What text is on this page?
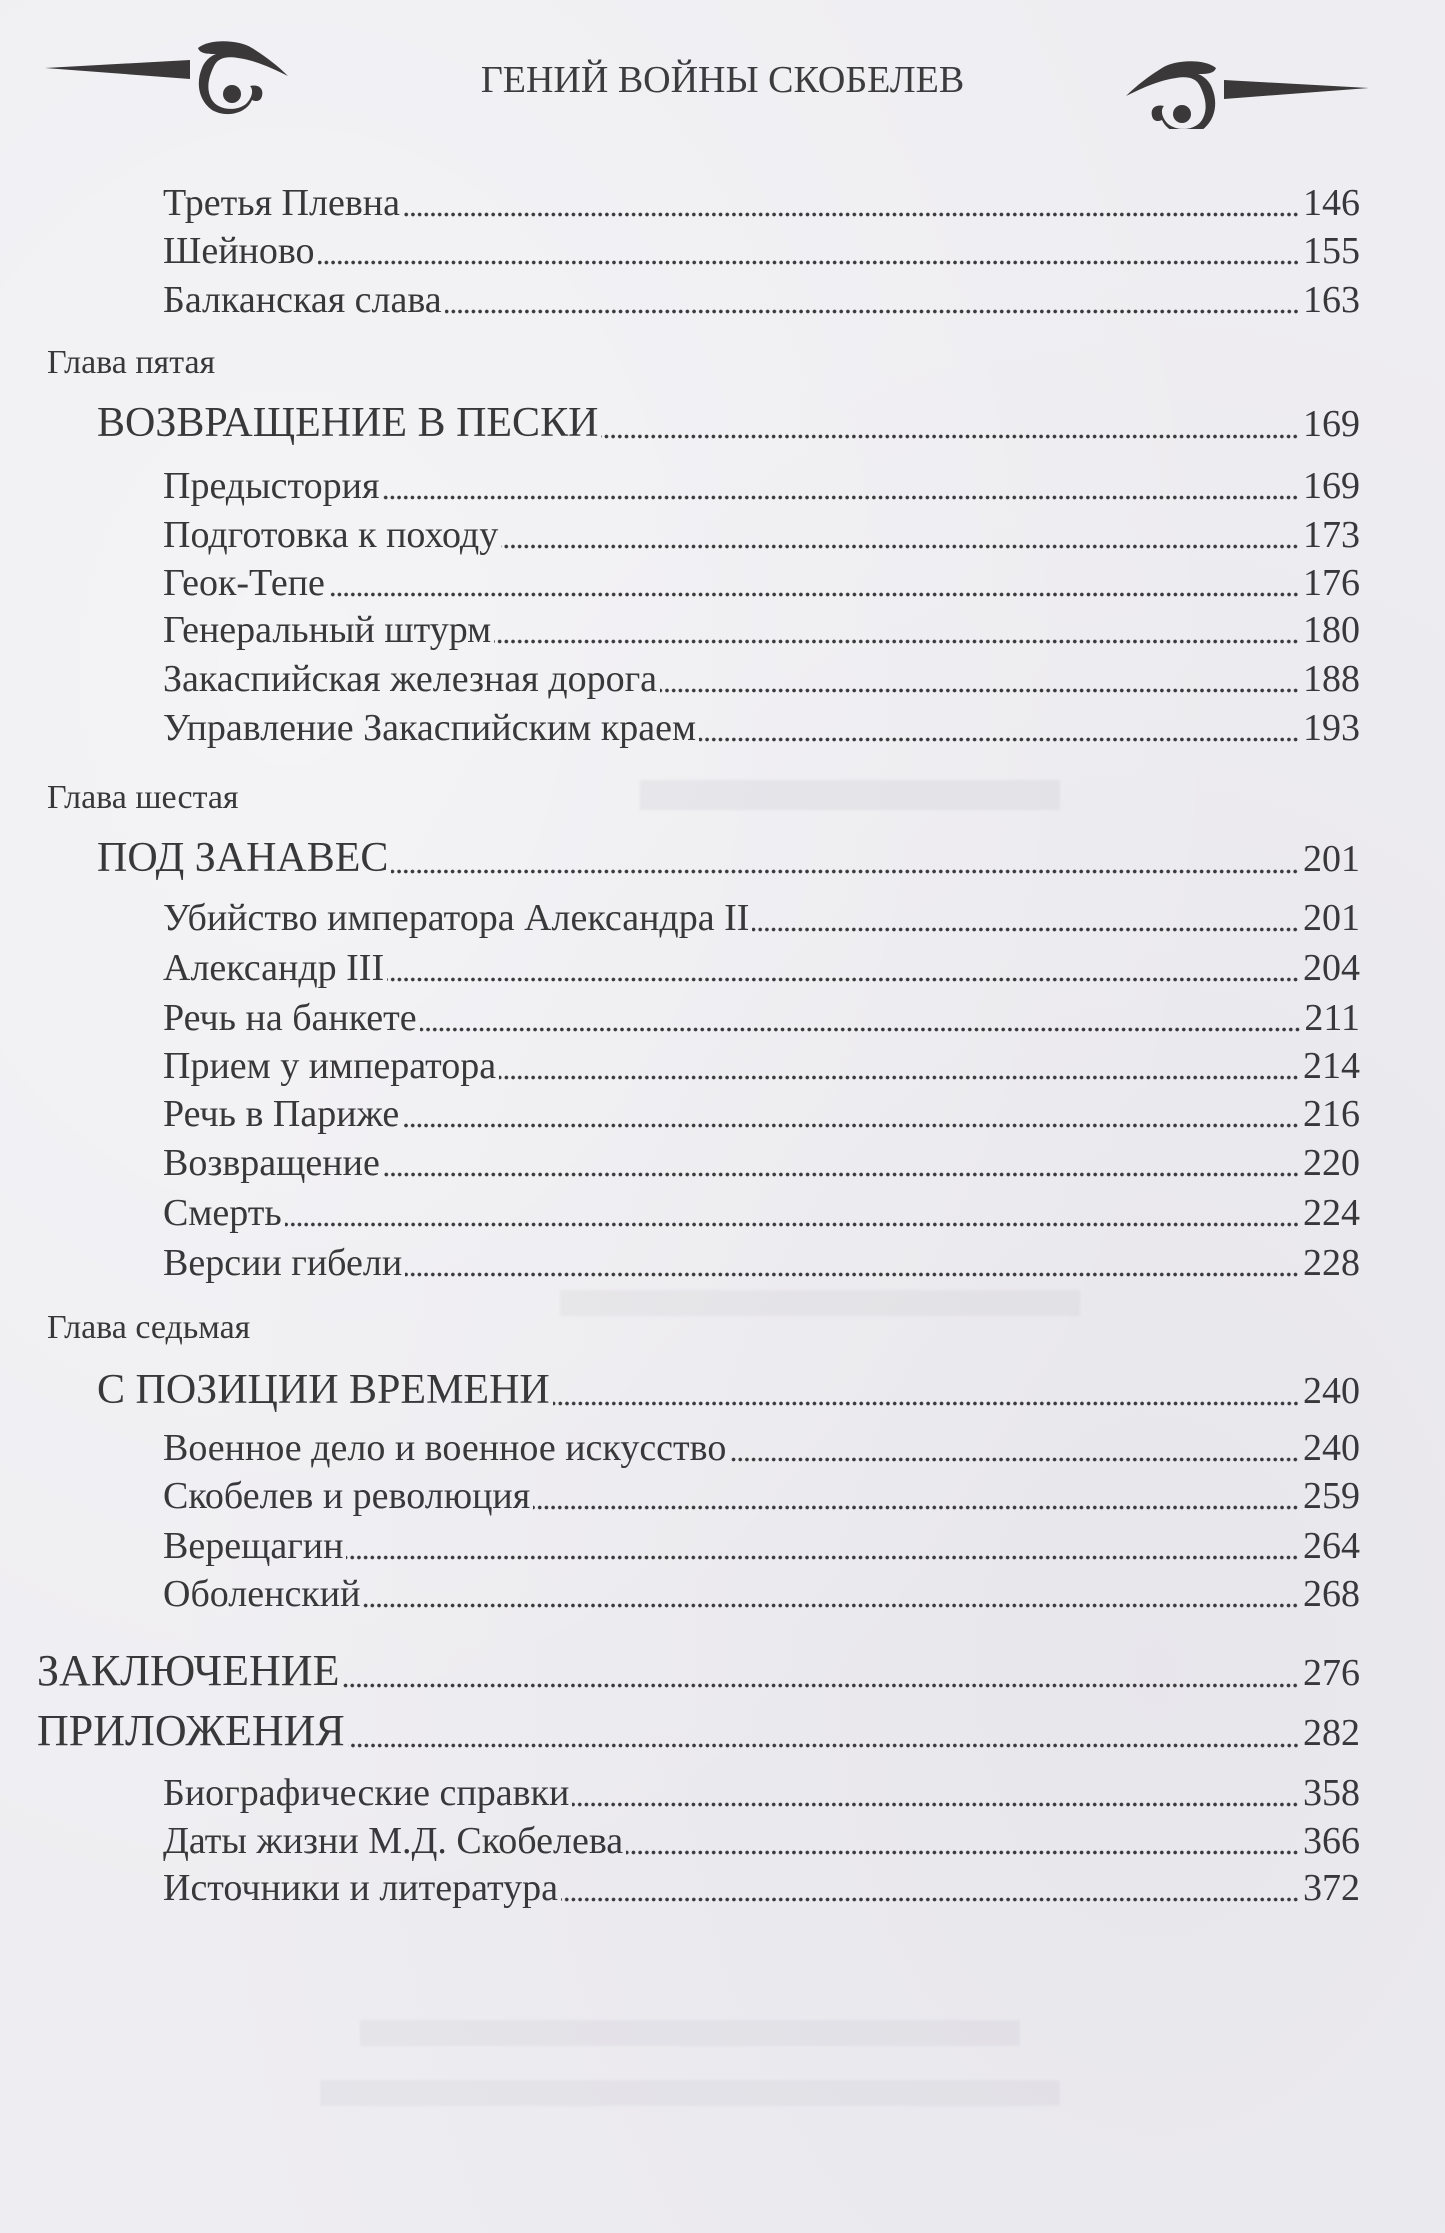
ГЕНИЙ ВОЙНЫ СКОБЕЛЕВ
Третья Плевна	146
Шейново	155
Балканская слава	163
Глава пятая
ВОЗВРАЩЕНИЕ В ПЕСКИ	169
Предыстория	169
Подготовка к походу	173
Геок-Тепе	176
Генеральный штурм	180
Закаспийская железная дорога	188
Управление Закаспийским краем	193
Глава шестая
ПОД ЗАНАВЕС	201
Убийство императора Александра II	201
Александр III	204
Речь на банкете	211
Прием у императора	214
Речь в Париже	216
Возвращение	220
Смерть	224
Версии гибели	228
Глава седьмая
С ПОЗИЦИИ ВРЕМЕНИ	240
Военное дело и военное искусство	240
Скобелев и революция	259
Верещагин	264
Оболенский	268
ЗАКЛЮЧЕНИЕ	276
ПРИЛОЖЕНИЯ	282
Биографические справки	358
Даты жизни М.Д. Скобелева	366
Источники и литература	372
